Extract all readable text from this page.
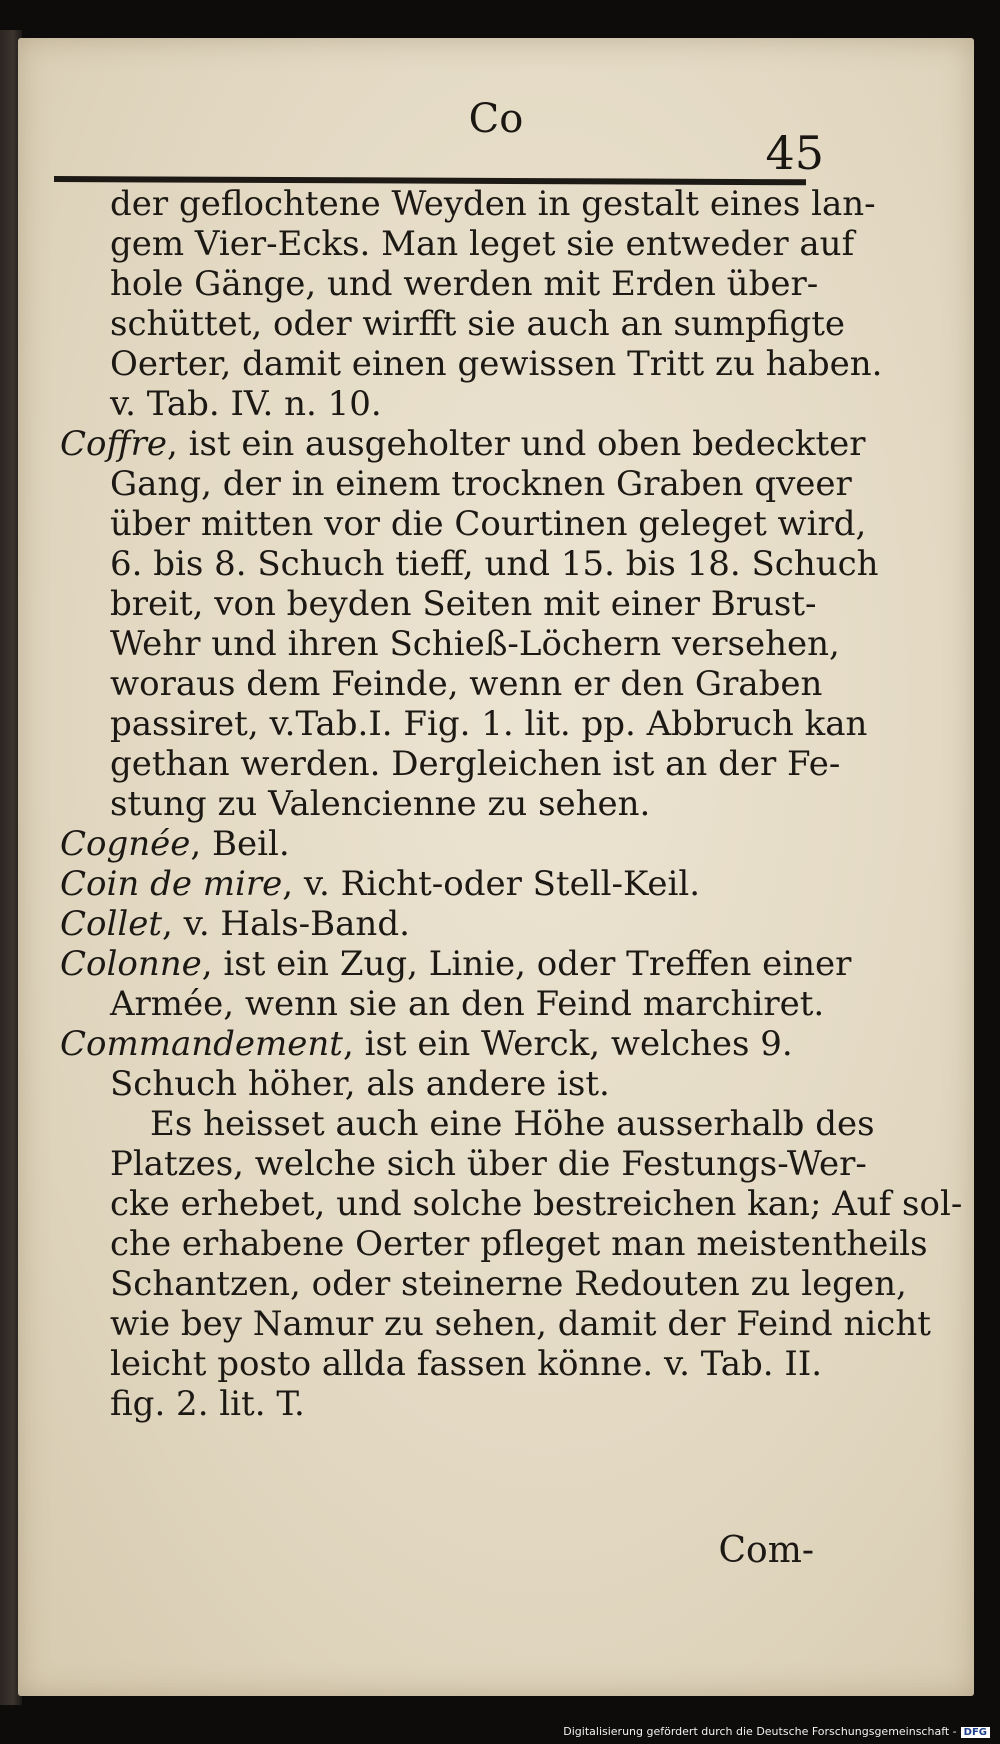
Co
45
der geflochtene Weyden in gestalt eines lan-
gem Vier-Ecks. Man leget sie entweder auf
hole Gänge, und werden mit Erden über-
schüttet, oder wirfft sie auch an sumpfigte
Oerter, damit einen gewissen Tritt zu haben.
v. Tab. IV. n. 10.
Coffre, ist ein ausgeholter und oben bedeckter
Gang, der in einem trocknen Graben qveer
über mitten vor die Courtinen geleget wird,
6. bis 8. Schuch tieff, und 15. bis 18. Schuch
breit, von beyden Seiten mit einer Brust-
Wehr und ihren Schieß-Löchern versehen,
woraus dem Feinde, wenn er den Graben
passiret, v.Tab.I. Fig. 1. lit. pp. Abbruch kan
gethan werden. Dergleichen ist an der Fe-
stung zu Valencienne zu sehen.
Cognée, Beil.
Coin de mire, v. Richt-oder Stell-Keil.
Collet, v. Hals-Band.
Colonne, ist ein Zug, Linie, oder Treffen einer
Armée, wenn sie an den Feind marchiret.
Commandement, ist ein Werck, welches 9.
Schuch höher, als andere ist.
Es heisset auch eine Höhe ausserhalb des
Platzes, welche sich über die Festungs-Wer-
cke erhebet, und solche bestreichen kan; Auf sol-
che erhabene Oerter pfleget man meistentheils
Schantzen, oder steinerne Redouten zu legen,
wie bey Namur zu sehen, damit der Feind nicht
leicht posto allda fassen könne. v. Tab. II.
fig. 2. lit. T.
Com-
Digitalisierung gefördert durch die Deutsche Forschungsgemeinschaft - DFG
